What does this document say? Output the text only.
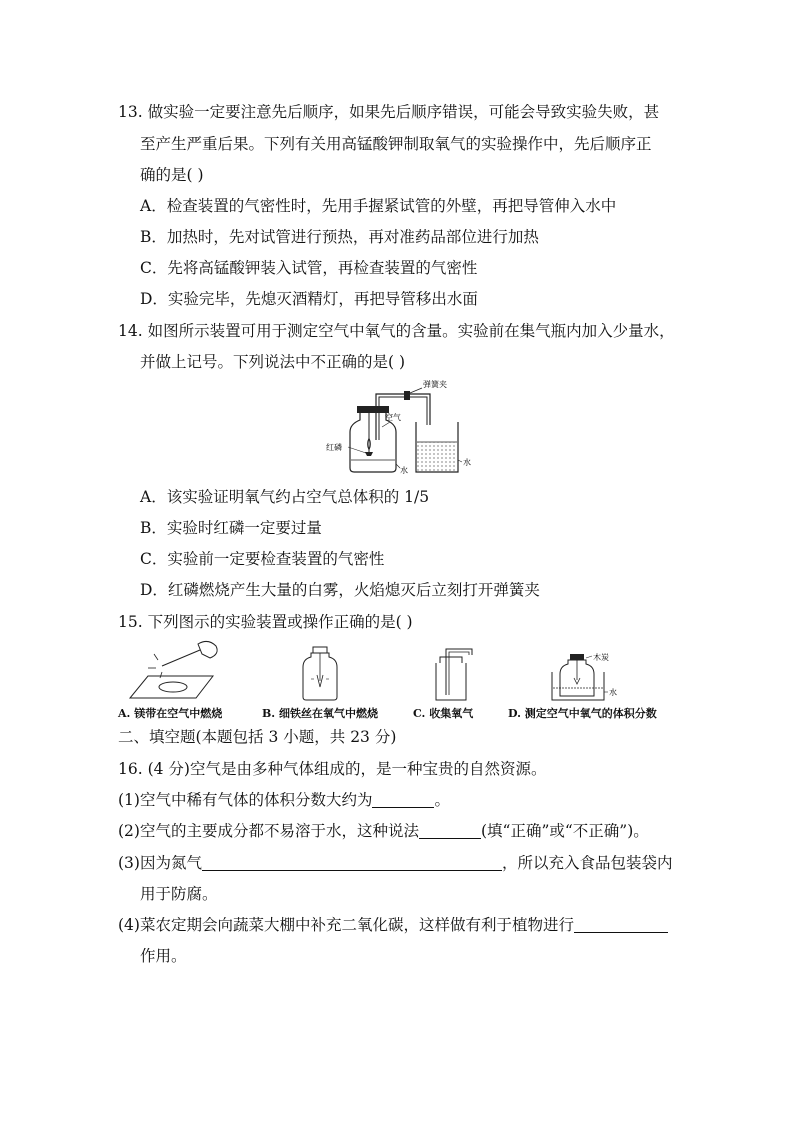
13. 做实验一定要注意先后顺序，如果先后顺序错误，可能会导致实验失败，甚
至产生严重后果。下列有关用高锰酸钾制取氧气的实验操作中，先后顺序正
确的是( )
A．检查装置的气密性时，先用手握紧试管的外壁，再把导管伸入水中
B．加热时，先对试管进行预热，再对准药品部位进行加热
C．先将高锰酸钾装入试管，再检查装置的气密性
D．实验完毕，先熄灭酒精灯，再把导管移出水面
14. 如图所示装置可用于测定空气中氧气的含量。实验前在集气瓶内加入少量水，
并做上记号。下列说法中不正确的是( )
弹簧夹
空气
红磷
水
水
A．该实验证明氧气约占空气总体积的 1/5
B．实验时红磷一定要过量
C．实验前一定要检查装置的气密性
D．红磷燃烧产生大量的白雾，火焰熄灭后立刻打开弹簧夹
15. 下列图示的实验装置或操作正确的是( )
A. 镁带在空气中燃烧	B. 细铁丝在氧气中燃烧	C. 收集氧气
木炭
水
D. 测定空气中氧气的体积分数
二、填空题(本题包括 3 小题，共 23 分)
16. (4 分)空气是由多种气体组成的，是一种宝贵的自然资源。
(1)空气中稀有气体的体积分数大约为	。
(2)空气的主要成分都不易溶于水，这种说法	(填“正确”或“不正确”)。
(3)因为氮气	，所以充入食品包装袋内
用于防腐。
(4)菜农定期会向蔬菜大棚中补充二氧化碳，这样做有利于植物进行
作用。
